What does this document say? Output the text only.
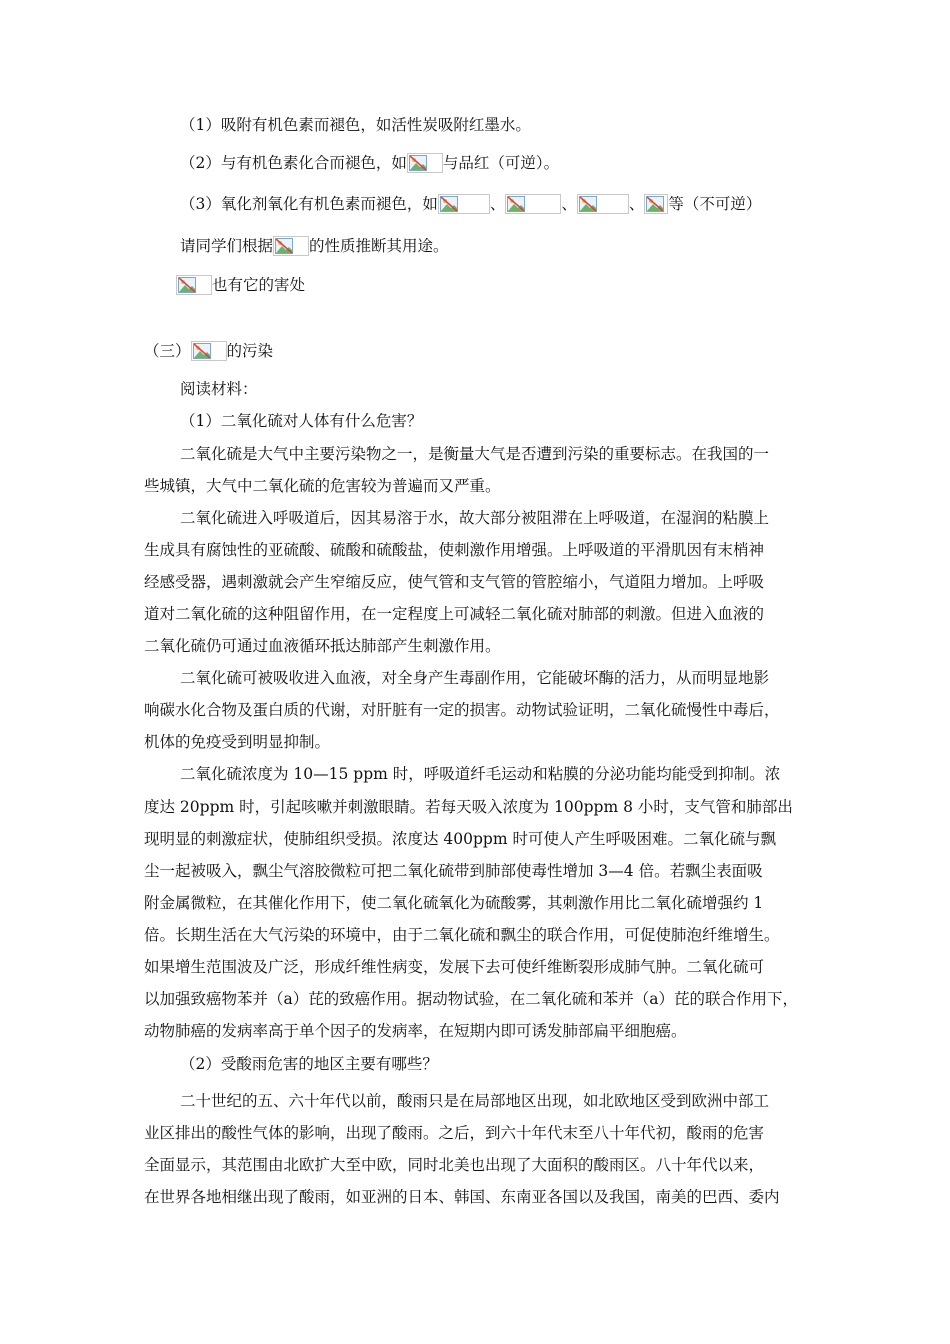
（1）吸附有机色素而褪色，如活性炭吸附红墨水。
（2）与有机色素化合而褪色，如 与品红（可逆）。
（3）氧化剂氧化有机色素而褪色，如	、	、	、 等（不可逆）
请同学们根据 的性质推断其用途。
也有它的害处
（三） 的污染
阅读材料：
（1）二氧化硫对人体有什么危害？
二氧化硫是大气中主要污染物之一，是衡量大气是否遭到污染的重要标志。在我国的一
些城镇，大气中二氧化硫的危害较为普遍而又严重。
二氧化硫进入呼吸道后，因其易溶于水，故大部分被阻滞在上呼吸道，在湿润的粘膜上
生成具有腐蚀性的亚硫酸、硫酸和硫酸盐，使刺激作用增强。上呼吸道的平滑肌因有末梢神
经感受器，遇刺激就会产生窄缩反应，使气管和支气管的管腔缩小，气道阻力增加。上呼吸
道对二氧化硫的这种阻留作用，在一定程度上可减轻二氧化硫对肺部的刺激。但进入血液的
二氧化硫仍可通过血液循环抵达肺部产生刺激作用。
二氧化硫可被吸收进入血液，对全身产生毒副作用，它能破坏酶的活力，从而明显地影
响碳水化合物及蛋白质的代谢，对肝脏有一定的损害。动物试验证明，二氧化硫慢性中毒后，
机体的免疫受到明显抑制。
二氧化硫浓度为 10—15 ppm 时，呼吸道纤毛运动和粘膜的分泌功能均能受到抑制。浓
度达 20ppm 时，引起咳嗽并刺激眼睛。若每天吸入浓度为 100ppm 8 小时，支气管和肺部出
现明显的刺激症状，使肺组织受损。浓度达 400ppm 时可使人产生呼吸困难。二氧化硫与飘
尘一起被吸入，飘尘气溶胶微粒可把二氧化硫带到肺部使毒性增加 3—4 倍。若飘尘表面吸
附金属微粒，在其催化作用下，使二氧化硫氧化为硫酸雾，其刺激作用比二氧化硫增强约 1
倍。长期生活在大气污染的环境中，由于二氧化硫和飘尘的联合作用，可促使肺泡纤维增生。
如果增生范围波及广泛，形成纤维性病变，发展下去可使纤维断裂形成肺气肿。二氧化硫可
以加强致癌物苯并（a）芘的致癌作用。据动物试验，在二氧化硫和苯并（a）芘的联合作用下，
动物肺癌的发病率高于单个因子的发病率，在短期内即可诱发肺部扁平细胞癌。
（2）受酸雨危害的地区主要有哪些？
二十世纪的五、六十年代以前，酸雨只是在局部地区出现，如北欧地区受到欧洲中部工
业区排出的酸性气体的影响，出现了酸雨。之后，到六十年代末至八十年代初，酸雨的危害
全面显示，其范围由北欧扩大至中欧，同时北美也出现了大面积的酸雨区。八十年代以来，
在世界各地相继出现了酸雨，如亚洲的日本、韩国、东南亚各国以及我国，南美的巴西、委内
